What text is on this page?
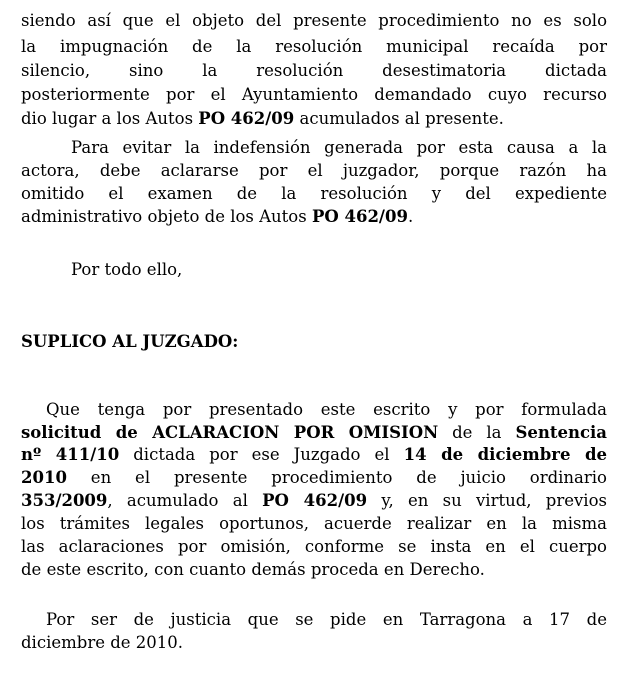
siendo así que el objeto del presente procedimiento no es solo
la impugnación de la resolución municipal recaída por
silencio, sino la resolución desestimatoria dictada
posteriormente por el Ayuntamiento demandado cuyo recurso
dio lugar a los Autos PO 462/09 acumulados al presente.
Para evitar la indefensión generada por esta causa a la
actora, debe aclararse por el juzgador, porque razón ha
omitido el examen de la resolución y del expediente
administrativo objeto de los Autos PO 462/09.
Por todo ello,
SUPLICO AL JUZGADO:
Que tenga por presentado este escrito y por formulada
solicitud de ACLARACION POR OMISION de la Sentencia
nº 411/10 dictada por ese Juzgado el 14 de diciembre de
2010 en el presente procedimiento de juicio ordinario
353/2009, acumulado al PO 462/09 y, en su virtud, previos
los trámites legales oportunos, acuerde realizar en la misma
las aclaraciones por omisión, conforme se insta en el cuerpo
de este escrito, con cuanto demás proceda en Derecho.
Por ser de justicia que se pide en Tarragona a 17 de
diciembre de 2010.
